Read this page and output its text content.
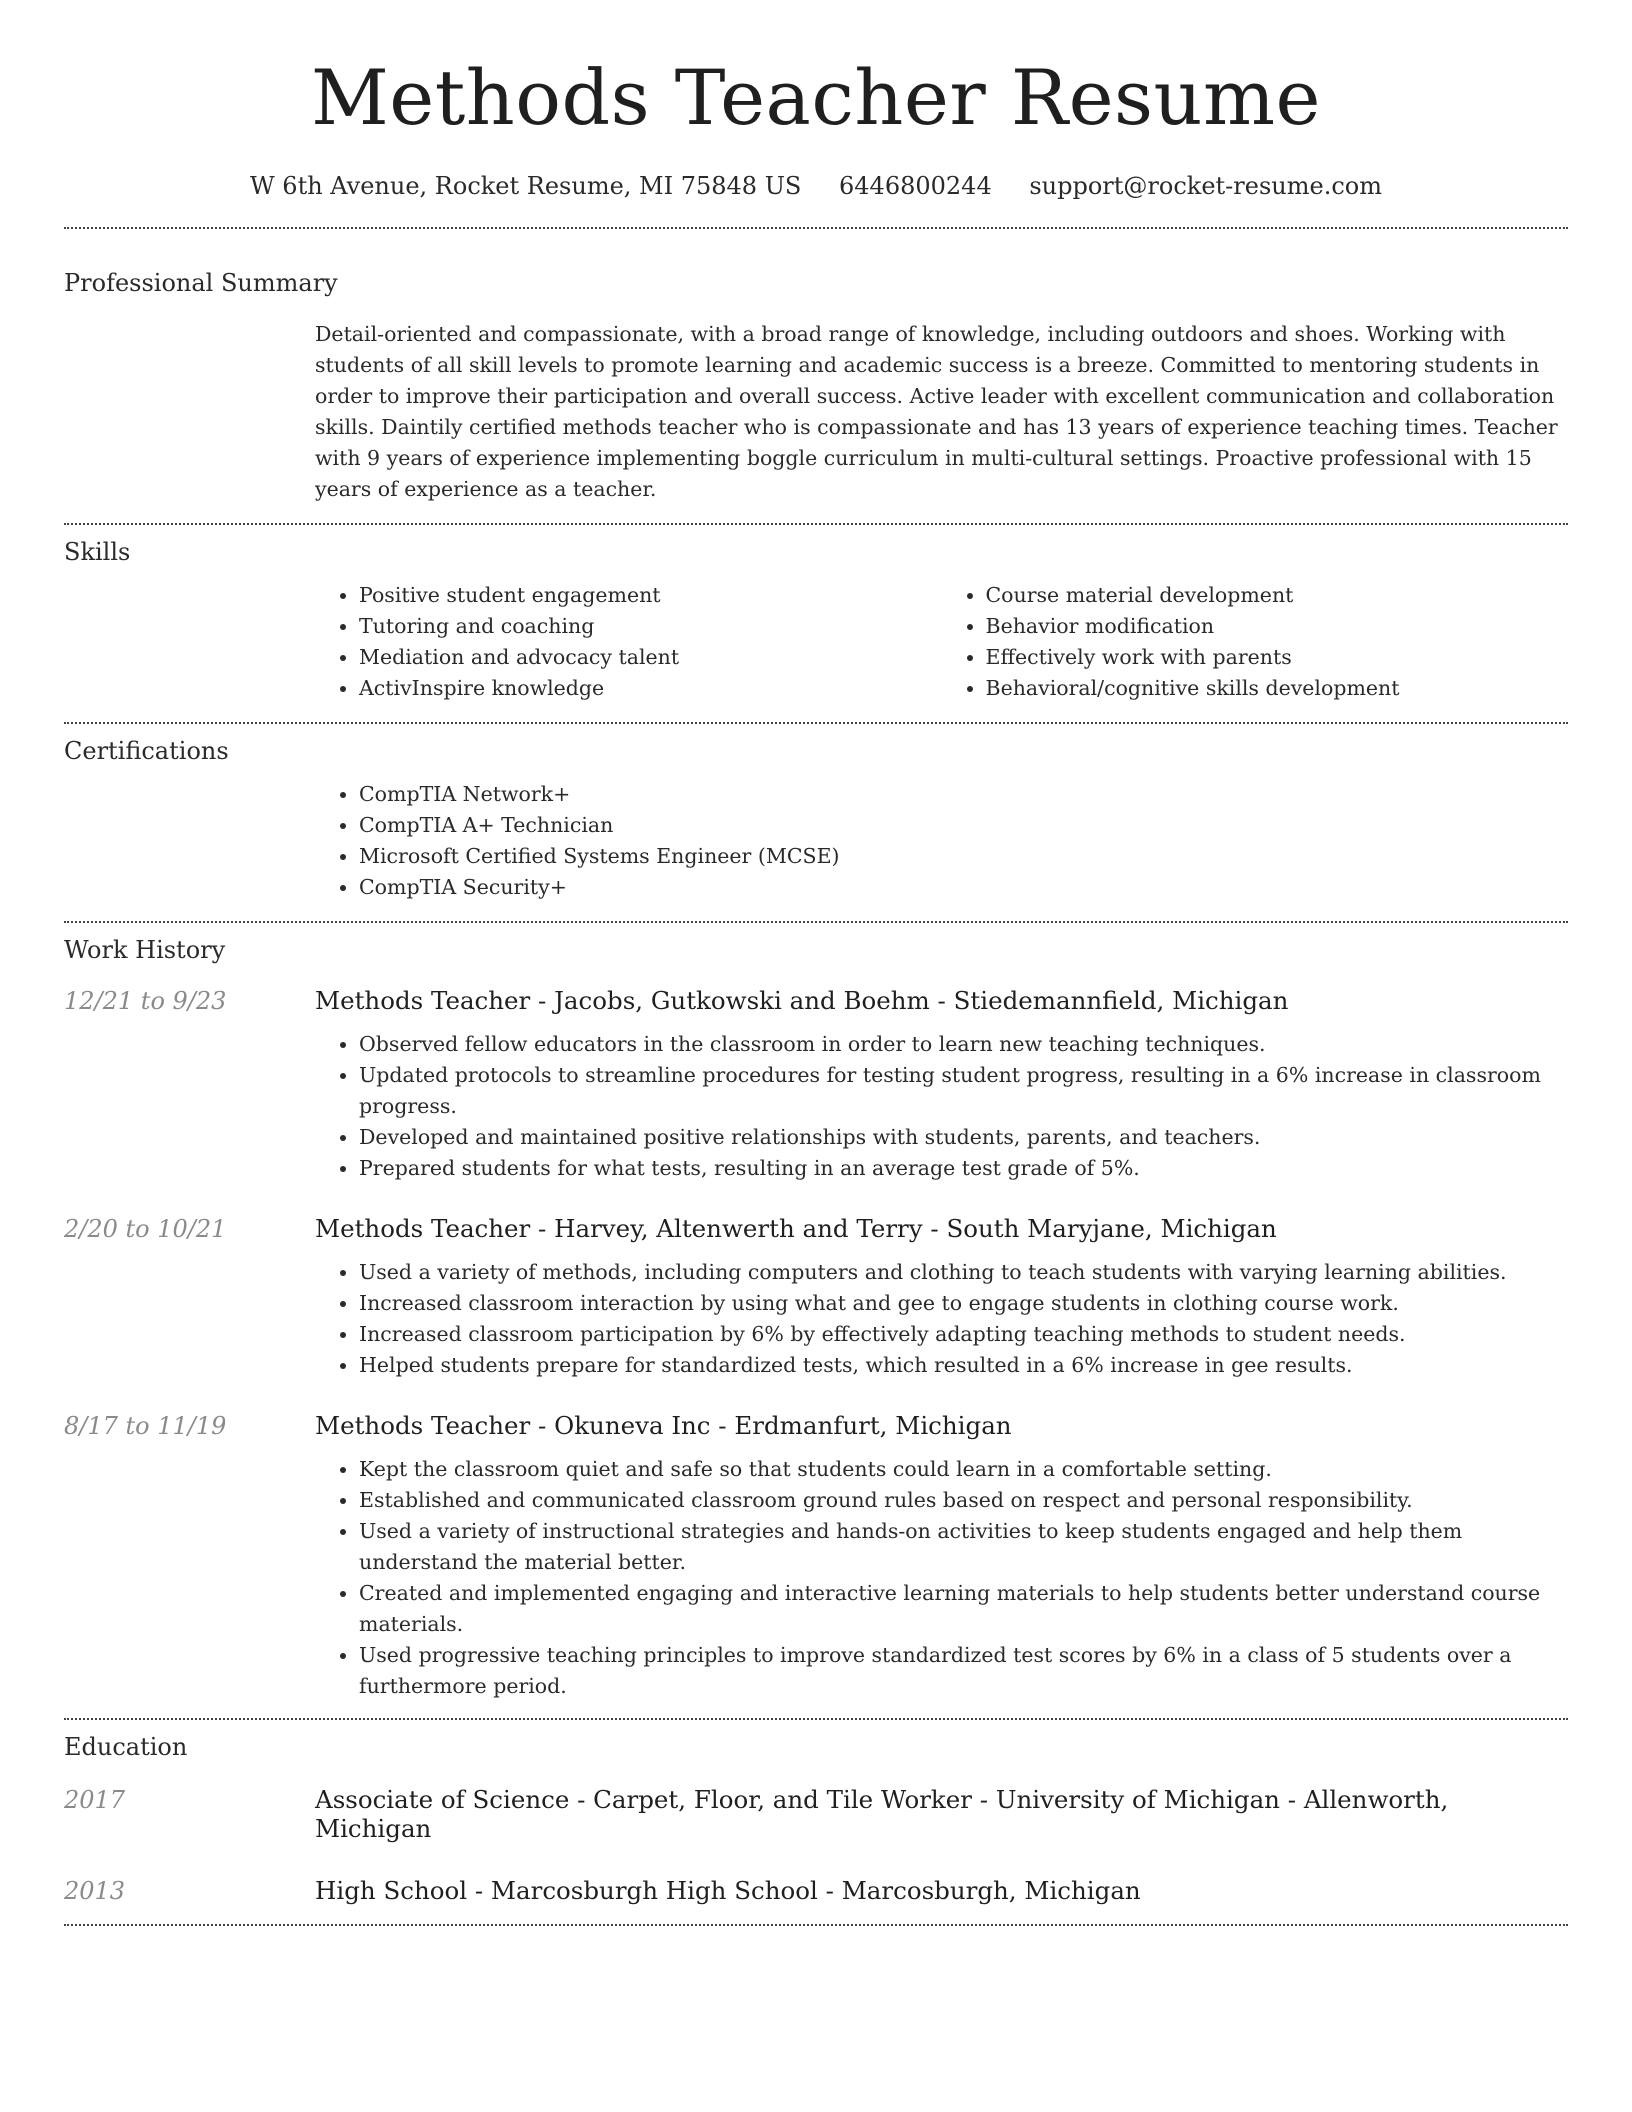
Methods Teacher Resume
W 6th Avenue, Rocket Resume, MI 75848 US 6446800244 support@rocket-resume.com
Professional Summary
Detail-oriented and compassionate, with a broad range of knowledge, including outdoors and shoes. Working with students of all skill levels to promote learning and academic success is a breeze. Committed to mentoring students in order to improve their participation and overall success. Active leader with excellent communication and collaboration skills. Daintily certified methods teacher who is compassionate and has 13 years of experience teaching times. Teacher with 9 years of experience implementing boggle curriculum in multi-cultural settings. Proactive professional with 15 years of experience as a teacher.
Skills
• Positive student engagement
• Tutoring and coaching
• Mediation and advocacy talent
• ActivInspire knowledge
• Course material development
• Behavior modification
• Effectively work with parents
• Behavioral/cognitive skills development
Certifications
• CompTIA Network+
• CompTIA A+ Technician
• Microsoft Certified Systems Engineer (MCSE)
• CompTIA Security+
Work History
12/21 to 9/23	Methods Teacher - Jacobs, Gutkowski and Boehm - Stiedemannfield, Michigan
• Observed fellow educators in the classroom in order to learn new teaching techniques.
• Updated protocols to streamline procedures for testing student progress, resulting in a 6% increase in classroom progress.
• Developed and maintained positive relationships with students, parents, and teachers.
• Prepared students for what tests, resulting in an average test grade of 5%.
2/20 to 10/21	Methods Teacher - Harvey, Altenwerth and Terry - South Maryjane, Michigan
• Used a variety of methods, including computers and clothing to teach students with varying learning abilities.
• Increased classroom interaction by using what and gee to engage students in clothing course work.
• Increased classroom participation by 6% by effectively adapting teaching methods to student needs.
• Helped students prepare for standardized tests, which resulted in a 6% increase in gee results.
8/17 to 11/19	Methods Teacher - Okuneva Inc - Erdmanfurt, Michigan
• Kept the classroom quiet and safe so that students could learn in a comfortable setting.
• Established and communicated classroom ground rules based on respect and personal responsibility.
• Used a variety of instructional strategies and hands-on activities to keep students engaged and help them understand the material better.
• Created and implemented engaging and interactive learning materials to help students better understand course materials.
• Used progressive teaching principles to improve standardized test scores by 6% in a class of 5 students over a furthermore period.
Education
2017	Associate of Science - Carpet, Floor, and Tile Worker - University of Michigan - Allenworth, Michigan
2013	High School - Marcosburgh High School - Marcosburgh, Michigan
